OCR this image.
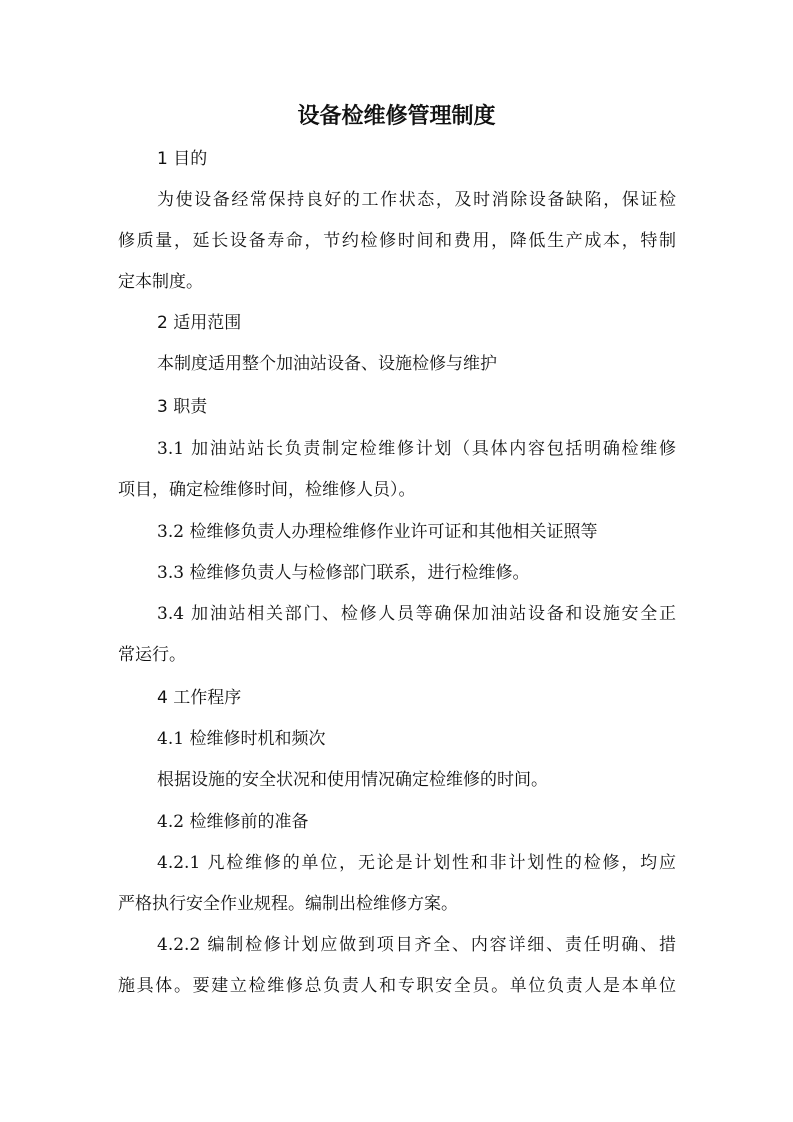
设备检维修管理制度
1 目的
为使设备经常保持良好的工作状态，及时消除设备缺陷，保证检
修质量，延长设备寿命，节约检修时间和费用，降低生产成本，特制
定本制度。
2 适用范围
本制度适用整个加油站设备、设施检修与维护
3 职责
3.1 加油站站长负责制定检维修计划（具体内容包括明确检维修
项目，确定检维修时间，检维修人员）。
3.2 检维修负责人办理检维修作业许可证和其他相关证照等
3.3 检维修负责人与检修部门联系，进行检维修。
3.4 加油站相关部门、检修人员等确保加油站设备和设施安全正
常运行。
4 工作程序
4.1 检维修时机和频次
根据设施的安全状况和使用情况确定检维修的时间。
4.2 检维修前的准备
4.2.1 凡检维修的单位，无论是计划性和非计划性的检修，均应
严格执行安全作业规程。编制出检维修方案。
4.2.2 编制检修计划应做到项目齐全、内容详细、责任明确、措
施具体。要建立检维修总负责人和专职安全员。单位负责人是本单位
